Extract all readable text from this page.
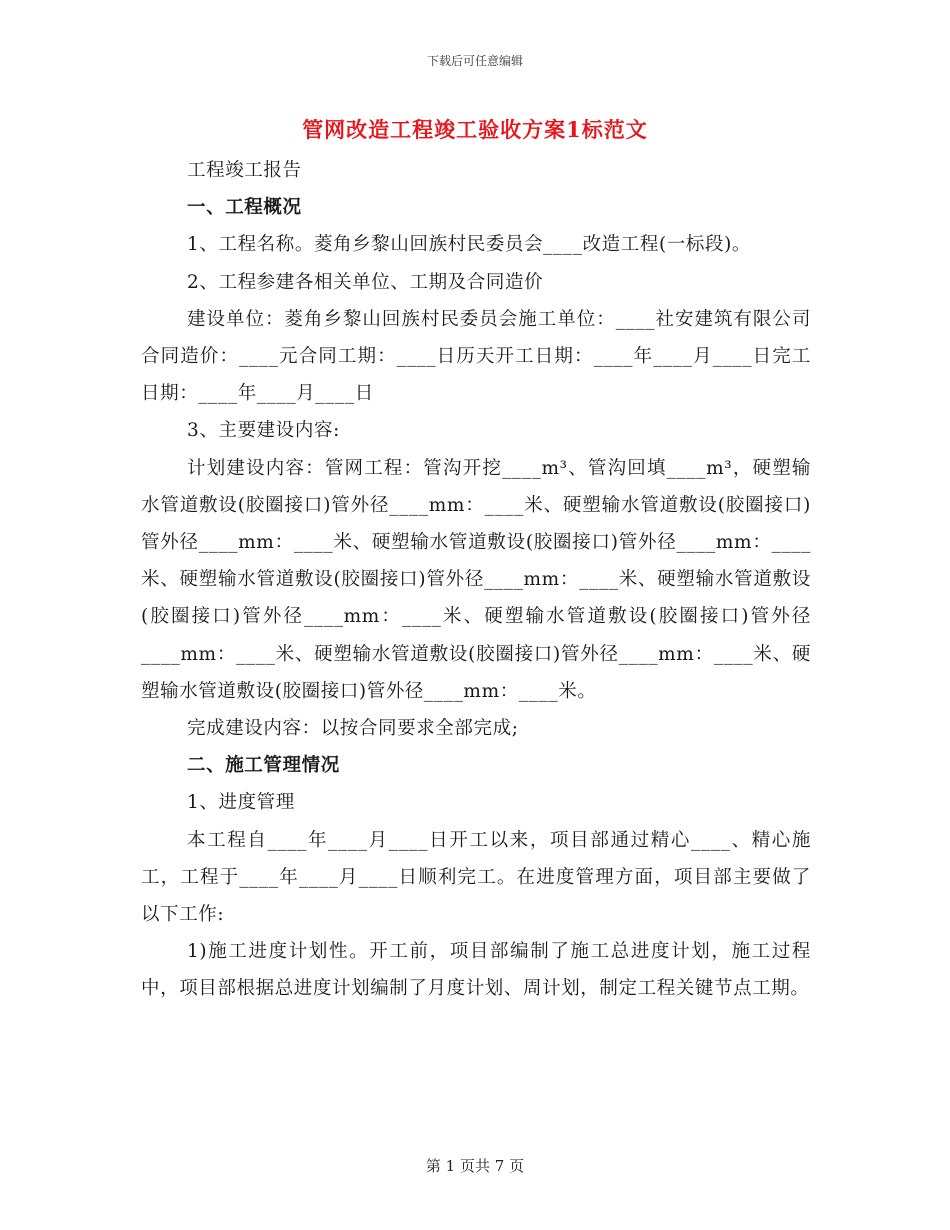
下载后可任意编辑
管网改造工程竣工验收方案1标范文

工程竣工报告

一、工程概况

1、工程名称。菱角乡黎山回族村民委员会____改造工程(一标段)。

2、工程参建各相关单位、工期及合同造价

建设单位：菱角乡黎山回族村民委员会施工单位：____社安建筑有限公司合同造价：____元合同工期：____日历天开工日期：____年____月____日完工日期：____年____月____日

3、主要建设内容:

计划建设内容：管网工程：管沟开挖____m³、管沟回填____m³，硬塑输水管道敷设(胶圈接口)管外径____mm：____米、硬塑输水管道敷设(胶圈接口)管外径____mm：____米、硬塑输水管道敷设(胶圈接口)管外径____mm：____米、硬塑输水管道敷设(胶圈接口)管外径____mm：____米、硬塑输水管道敷设(胶圈接口)管外径____mm：____米、硬塑输水管道敷设(胶圈接口)管外径____mm：____米、硬塑输水管道敷设(胶圈接口)管外径____mm：____米、硬塑输水管道敷设(胶圈接口)管外径____mm：____米。

完成建设内容：以按合同要求全部完成;

二、施工管理情况

1、进度管理

本工程自____年____月____日开工以来，项目部通过精心____、精心施工，工程于____年____月____日顺利完工。在进度管理方面，项目部主要做了以下工作:

1)施工进度计划性。开工前，项目部编制了施工总进度计划，施工过程中，项目部根据总进度计划编制了月度计划、周计划，制定工程关键节点工期。

第 1 页共 7 页
